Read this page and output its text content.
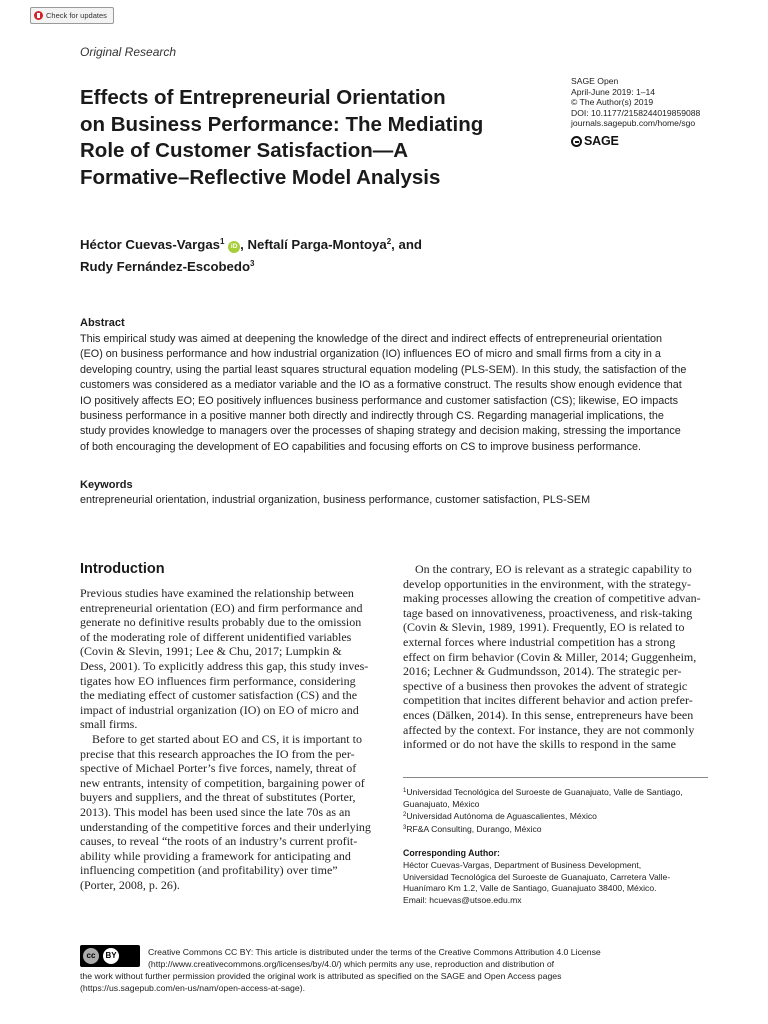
Check for updates
Original Research
SAGE Open
April-June 2019: 1–14
© The Author(s) 2019
DOI: 10.1177/2158244019859088
journals.sagepub.com/home/sgo
SAGE
Effects of Entrepreneurial Orientation
on Business Performance: The Mediating
Role of Customer Satisfaction—A
Formative–Reflective Model Analysis
Héctor Cuevas-Vargas$^1$ iD , Neftalí Parga-Montoya$^2$, and
Rudy Fernández-Escobedo$^3$
Abstract
This empirical study was aimed at deepening the knowledge of the direct and indirect effects of entrepreneurial orientation
(EO) on business performance and how industrial organization (IO) influences EO of micro and small firms from a city in a
developing country, using the partial least squares structural equation modeling (PLS-SEM). In this study, the satisfaction of the
customers was considered as a mediator variable and the IO as a formative construct. The results show enough evidence that
IO positively affects EO; EO positively influences business performance and customer satisfaction (CS); likewise, EO impacts
business performance in a positive manner both directly and indirectly through CS. Regarding managerial implications, the
study provides knowledge to managers over the processes of shaping strategy and decision making, stressing the importance
of both encouraging the development of EO capabilities and focusing efforts on CS to improve business performance.
Keywords
entrepreneurial orientation, industrial organization, business performance, customer satisfaction, PLS-SEM
Introduction
Previous studies have examined the relationship between
entrepreneurial orientation (EO) and firm performance and
generate no definitive results probably due to the omission
of the moderating role of different unidentified variables
(Covin & Slevin, 1991; Lee & Chu, 2017; Lumpkin &
Dess, 2001). To explicitly address this gap, this study inves-
tigates how EO influences firm performance, considering
the mediating effect of customer satisfaction (CS) and the
impact of industrial organization (IO) on EO of micro and
small firms.
Before to get started about EO and CS, it is important to
precise that this research approaches the IO from the per-
spective of Michael Porter’s five forces, namely, threat of
new entrants, intensity of competition, bargaining power of
buyers and suppliers, and the threat of substitutes (Porter,
2013). This model has been used since the late 70s as an
understanding of the competitive forces and their underlying
causes, to reveal “the roots of an industry’s current profit-
ability while providing a framework for anticipating and
influencing competition (and profitability) over time”
(Porter, 2008, p. 26).
On the contrary, EO is relevant as a strategic capability to
develop opportunities in the environment, with the strategy-
making processes allowing the creation of competitive advan-
tage based on innovativeness, proactiveness, and risk-taking
(Covin & Slevin, 1989, 1991). Frequently, EO is related to
external forces where industrial competition has a strong
effect on firm behavior (Covin & Miller, 2014; Guggenheim,
2016; Lechner & Gudmundsson, 2014). The strategic per-
spective of a business then provokes the advent of strategic
competition that incites different behavior and action prefer-
ences (Dälken, 2014). In this sense, entrepreneurs have been
affected by the context. For instance, they are not commonly
informed or do not have the skills to respond in the same
$^1$Universidad Tecnológica del Suroeste de Guanajuato, Valle de Santiago,
Guanajuato, México
$^2$Universidad Autónoma de Aguascalientes, México
$^3$RF&A Consulting, Durango, México
Corresponding Author:
Héctor Cuevas-Vargas, Department of Business Development,
Universidad Tecnológica del Suroeste de Guanajuato, Carretera Valle-
Huanímaro Km 1.2, Valle de Santiago, Guanajuato 38400, México.
Email: hcuevas@utsoe.edu.mx
cc	BY	Creative Commons CC BY: This article is distributed under the terms of the Creative Commons Attribution 4.0 License
(http://www.creativecommons.org/licenses/by/4.0/) which permits any use, reproduction and distribution of
the work without further permission provided the original work is attributed as specified on the SAGE and Open Access pages
(https://us.sagepub.com/en-us/nam/open-access-at-sage).
